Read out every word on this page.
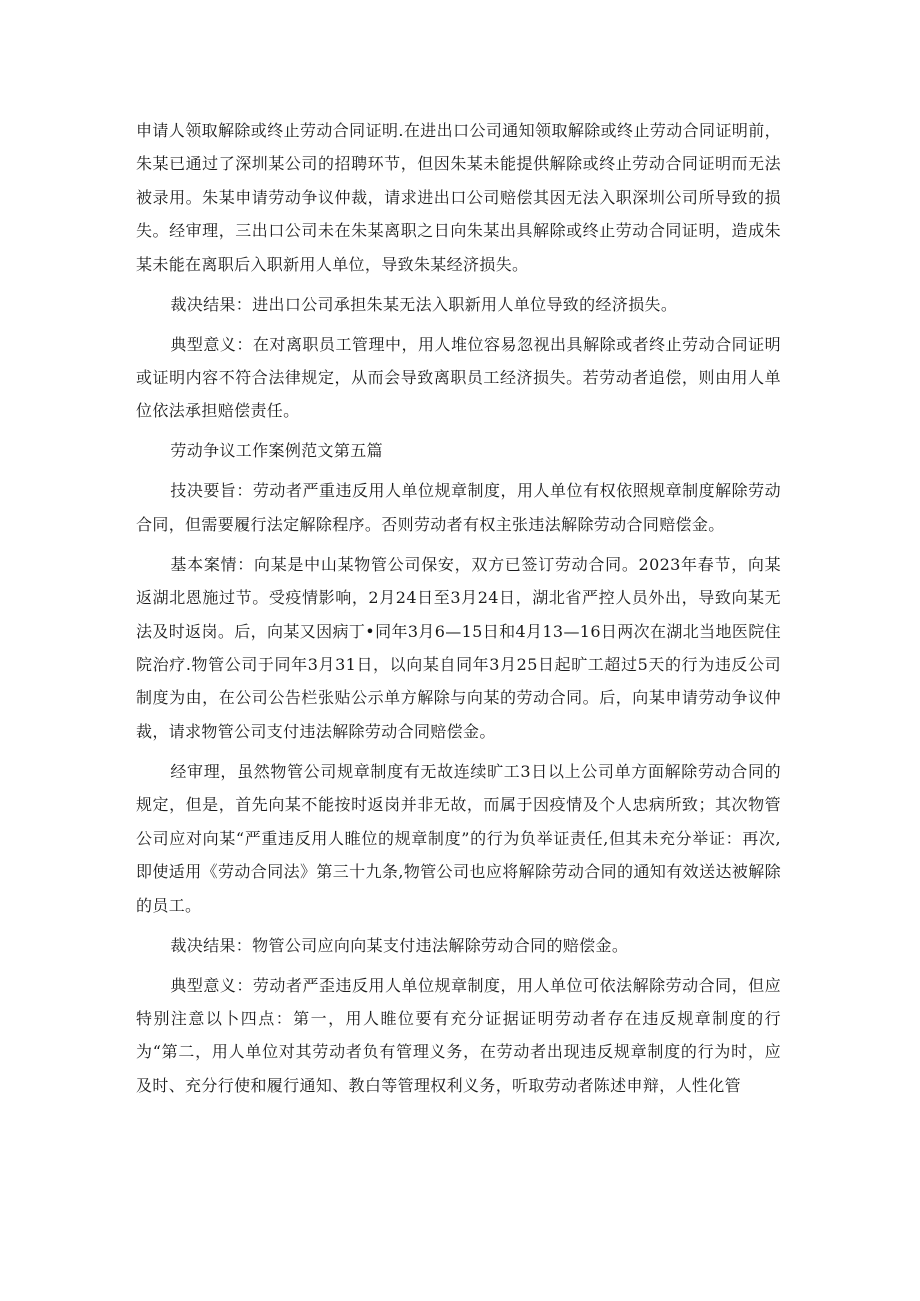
申请人领取解除或终止劳动合同证明.在进出口公司通知领取解除或终止劳动合同证明前，朱某已通过了深圳某公司的招聘环节，但因朱某未能提供解除或终止劳动合同证明而无法被录用。朱某申请劳动争议仲裁，请求进出口公司赔偿其因无法入职深圳公司所导致的损失。经审理，三出口公司未在朱某离职之日向朱某出具解除或终止劳动合同证明，造成朱某未能在离职后入职新用人单位，导致朱某经济损失。

裁决结果：进出口公司承担朱某无法入职新用人单位导致的经济损失。

典型意义：在对离职员工管理中，用人堆位容易忽视出具解除或者终止劳动合同证明或证明内容不符合法律规定，从而会导致离职员工经济损失。若劳动者追偿，则由用人单位依法承担赔偿责任。

劳动争议工作案例范文第五篇

技决要旨：劳动者严重违反用人单位规章制度，用人单位有权依照规章制度解除劳动合同，但需要履行法定解除程序。否则劳动者有权主张违法解除劳动合同赔偿金。

基本案情：向某是中山某物管公司保安，双方已签订劳动合同。2023年春节，向某返湖北恩施过节。受疫情影响，2月24日至3月24日，湖北省严控人员外出，导致向某无法及时返岗。后，向某又因病丁•同年3月6—15日和4月13—16日两次在湖北当地医院住院治疗.物管公司于同年3月31日，以向某自同年3月25日起旷工超过5天的行为违反公司制度为由，在公司公告栏张贴公示单方解除与向某的劳动合同。后，向某申请劳动争议仲裁，请求物管公司支付违法解除劳动合同赔偿金。

经审理，虽然物管公司规章制度有无故连续旷工3日以上公司单方面解除劳动合同的规定，但是，首先向某不能按时返岗并非无故，而属于因疫情及个人忠病所致；其次物管公司应对向某“严重违反用人睢位的规章制度”的行为负举证责任,但其未充分举证：再次,即使适用《劳动合同法》第三十九条,物管公司也应将解除劳动合同的通知有效送达被解除的员工。

裁决结果：物管公司应向向某支付违法解除劳动合同的赔偿金。

典型意义：劳动者严歪违反用人单位规章制度，用人单位可依法解除劳动合同，但应特别注意以卜四点：第一，用人睢位要有充分证据证明劳动者存在违反规章制度的行为“第二，用人单位对其劳动者负有管理义务，在劳动者出现违反规章制度的行为时，应及时、充分行使和履行通知、教白等管理权利义务，听取劳动者陈述申辩，人性化管
